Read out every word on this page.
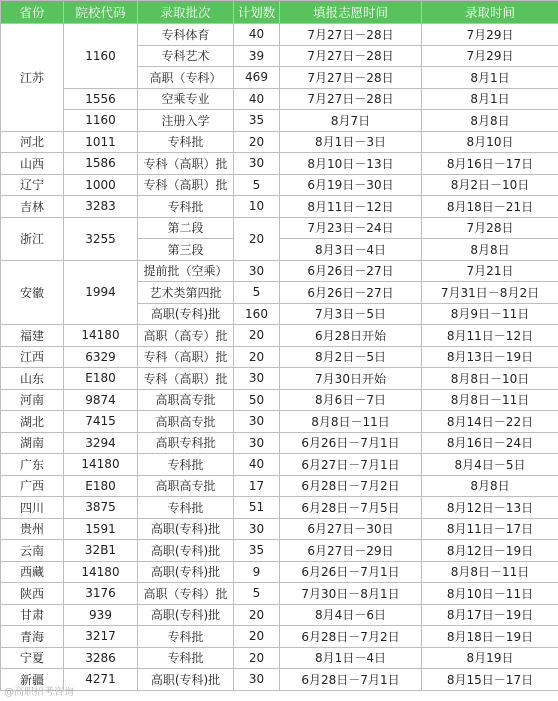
省份	院校代码	录取批次	计划数	填报志愿时间	录取时间
江苏	1160	专科体育	40	7月27日－28日	7月29日
		专科艺术	39	7月27日－28日	7月29日
		高职（专科）	469	7月27日－28日	8月1日
	1556	空乘专业	40	7月27日－28日	8月1日
	1160	注册入学	35	8月7日	8月8日
河北	1011	专科批	20	8月1日－3日	8月10日
山西	1586	专科（高职）批	30	8月10日－13日	8月16日－17日
辽宁	1000	专科（高职）批	5	6月19日－30日	8月2日－10日
吉林	3283	专科批	10	8月11日－12日	8月18日－21日
浙江	3255	第二段	20	7月23日－24日	7月28日
		第三段		8月3日－4日	8月8日
安徽	1994	提前批（空乘）	30	6月26日－27日	7月21日
		艺术类第四批	5	6月26日－27日	7月31日－8月2日
		高职(专科)批	160	7月3日－5日	8月9日－11日
福建	14180	高职（高专）批	20	6月28日开始	8月11日－12日
江西	6329	专科（高职）批	20	8月2日－5日	8月13日－19日
山东	E180	专科（高职）批	30	7月30日开始	8月8日－10日
河南	9874	高职高专批	50	8月6日－7日	8月8日－11日
湖北	7415	高职高专批	30	8月8日－11日	8月14日－22日
湖南	3294	高职专科批	30	6月26日－7月1日	8月16日－24日
广东	14180	专科批	40	6月27日－7月1日	8月4日－5日
广西	E180	高职高专批	17	6月28日－7月2日	8月8日
四川	3875	专科批	51	6月28日－7月5日	8月12日－13日
贵州	1591	高职(专科)批	30	6月27日－30日	8月11日－17日
云南	32B1	高职(专科)批	35	6月27日－29日	8月12日－19日
西藏	14180	高职(专科)批	9	6月26日－7月1日	8月8日－11日
陕西	3176	高职（专科）批	5	7月30日－8月1日	8月10日－11日
甘肃	939	高职(专科)批	20	8月4日－6日	8月17日－19日
青海	3217	专科批	20	6月28日－7月2日	8月18日－19日
宁夏	3286	专科批	20	8月1日－4日	8月19日
新疆	4271	高职(专科)批	30	6月28日－7月1日	8月15日－17日
@高职招考咨询
